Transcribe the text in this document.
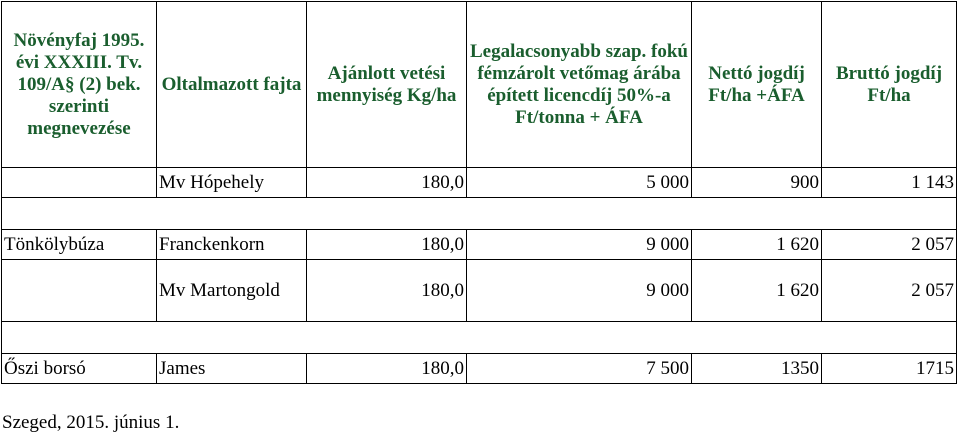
Növényfaj 1995. évi XXXIII. Tv. 109/A§ (2) bek. szerinti megnevezése	Oltalmazott fajta	Ajánlott vetési mennyiség Kg/ha	Legalacsonyabb szap. fokú fémzárolt vetőmag árába épített licencdíj 50%-a Ft/tonna + ÁFA	Nettó jogdíj Ft/ha +ÁFA	Bruttó jogdíj Ft/ha
	Mv Hópehely	180,0	5 000	900	1 143

Tönkölybúza	Franckenkorn	180,0	9 000	1 620	2 057
	Mv Martongold	180,0	9 000	1 620	2 057

Őszi borsó	James	180,0	7 500	1350	1715
Szeged, 2015. június 1.
